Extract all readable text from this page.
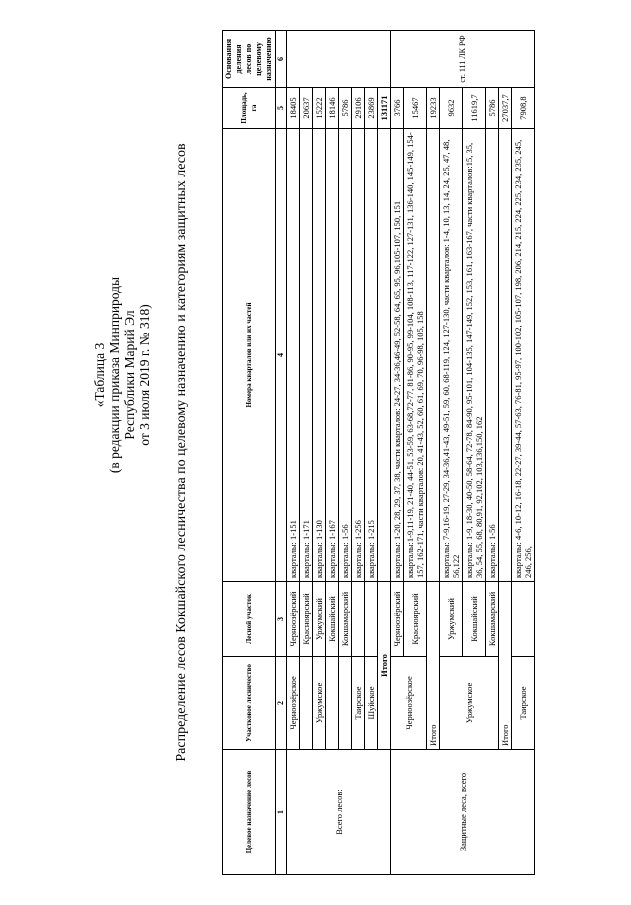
«Таблица 3 (в редакции приказа Минприроды Республики Марий Эл от 3 июля 2019 г. № 318) Распределение лесов Кокшайского лесничества по целевому назначению и категориям защитных лесов
Целевое назначение лесов	Участковое лесничество	Лесной участок	Номера кварталов или их частей	Площадь, га	Основания деления лесов по целевому назначению
1	2	3	4	5	6
Всего лесов:	Черноозёрское	Черноозёрский	кварталы: 1-151	18405	
		Красноярский	кварталы: 1-171	20637	
	Уржумское	Уржумский	кварталы: 1-130	15222	
		Кокшайский	кварталы: 1-167	18146	
		Кокшамарский	кварталы: 1-56	5786	
	Таирское		кварталы: 1-256	29106	
	Шуйское		кварталы: 1-215	23869	
	Итого			131171	
Защитные леса, всего	Черноозёрское	Черноозёрский	кварталы: 1-20, 28, 29, 37, 38, части кварталов: 24-27, 34-36,46-49, 52-58, 64, 65, 95, 96,105-107, 150, 151	3766	ст. 111 ЛК РФ
		Красноярский	кварталы:1-9,11-19, 21-40, 44-51, 53-59, 63-68,72-77, 81-86, 90-95, 99-104, 108-113, 117-122, 127-131, 136-140, 145-149, 154-157, 162-171, части кварталов: 20, 41-43, 52, 60, 61, 69, 70, 96-98, 105, 158	15467	
	Итого			19233	
	Уржумское	Уржумский	кварталы: 7-9,16-19, 27-29, 34-36,41-43, 49-51, 59, 60, 68-119, 124, 127-130, части кварталов: 1-4, 10, 13, 14, 24, 25, 47, 48, 56,122	9632	
		Кокшайский	кварталы: 1-9, 18-30, 40-50, 58-64, 72-78, 84-90, 95-101, 104-135, 147-149, 152, 153, 161, 163-167, части кварталов:15, 35, 36, 54, 55, 68, 80,91, 92,102, 103,136,150, 162	11619,7	
		Кокшамарский	кварталы: 1-56	5786	
	Итого			27037,7	
	Таирское		кварталы: 4-6, 10-12, 16-18, 22-27, 39-44, 57-63, 76-81, 95-97, 100-102, 105-107, 198, 206, 214, 215, 224, 225, 234, 235, 245, 246, 256,	7908,8	
